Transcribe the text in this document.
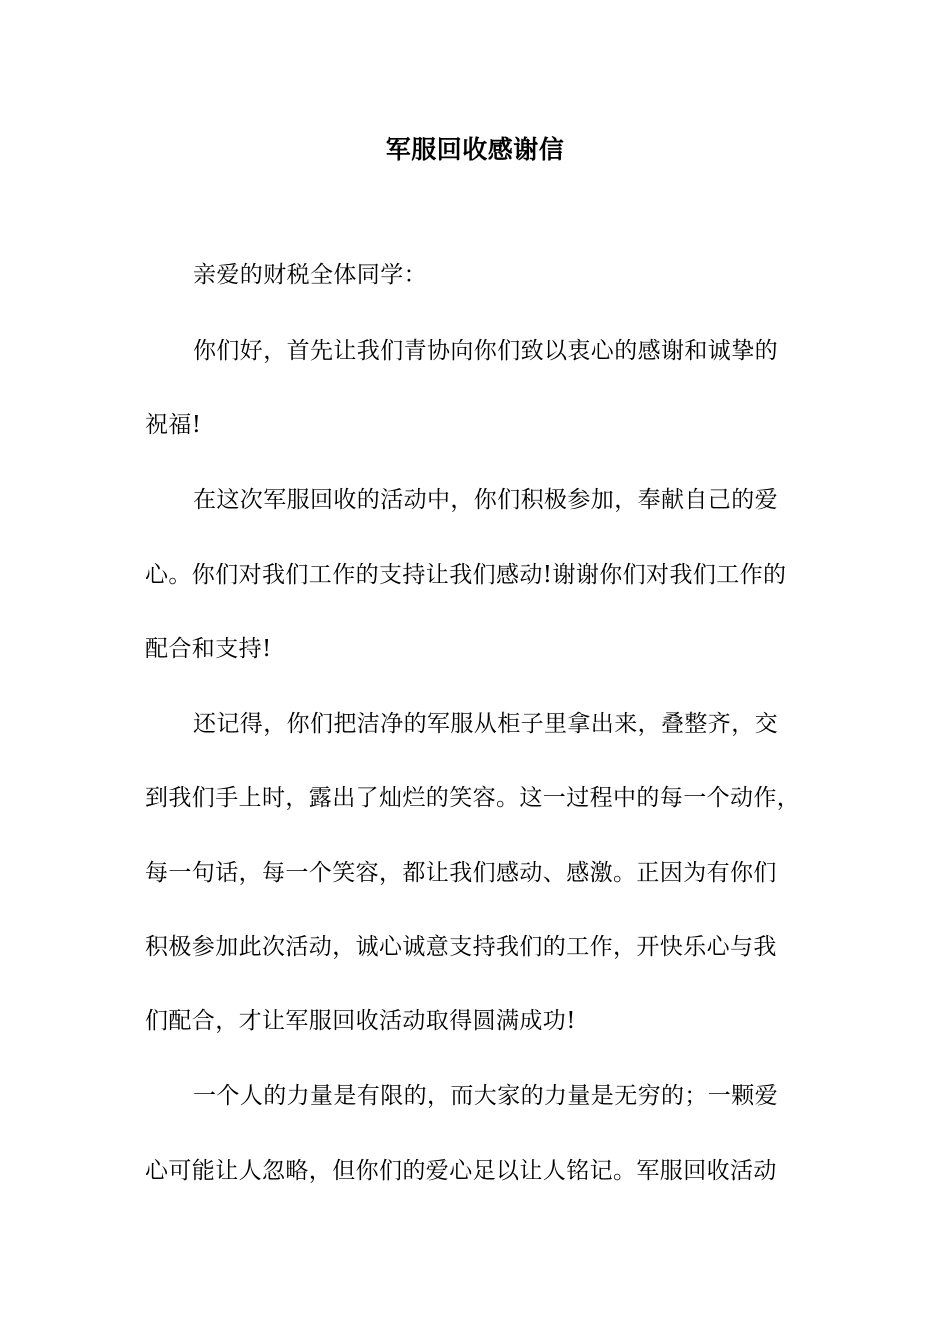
军服回收感谢信
亲爱的财税全体同学：
你们好，首先让我们青协向你们致以衷心的感谢和诚挚的
祝福!
在这次军服回收的活动中，你们积极参加，奉献自己的爱
心。你们对我们工作的支持让我们感动!谢谢你们对我们工作的
配合和支持!
还记得，你们把洁净的军服从柜子里拿出来，叠整齐，交
到我们手上时，露出了灿烂的笑容。这一过程中的每一个动作，
每一句话，每一个笑容，都让我们感动、感激。正因为有你们
积极参加此次活动，诚心诚意支持我们的工作，开快乐心与我
们配合，才让军服回收活动取得圆满成功!
一个人的力量是有限的，而大家的力量是无穷的；一颗爱
心可能让人忽略，但你们的爱心足以让人铭记。军服回收活动
